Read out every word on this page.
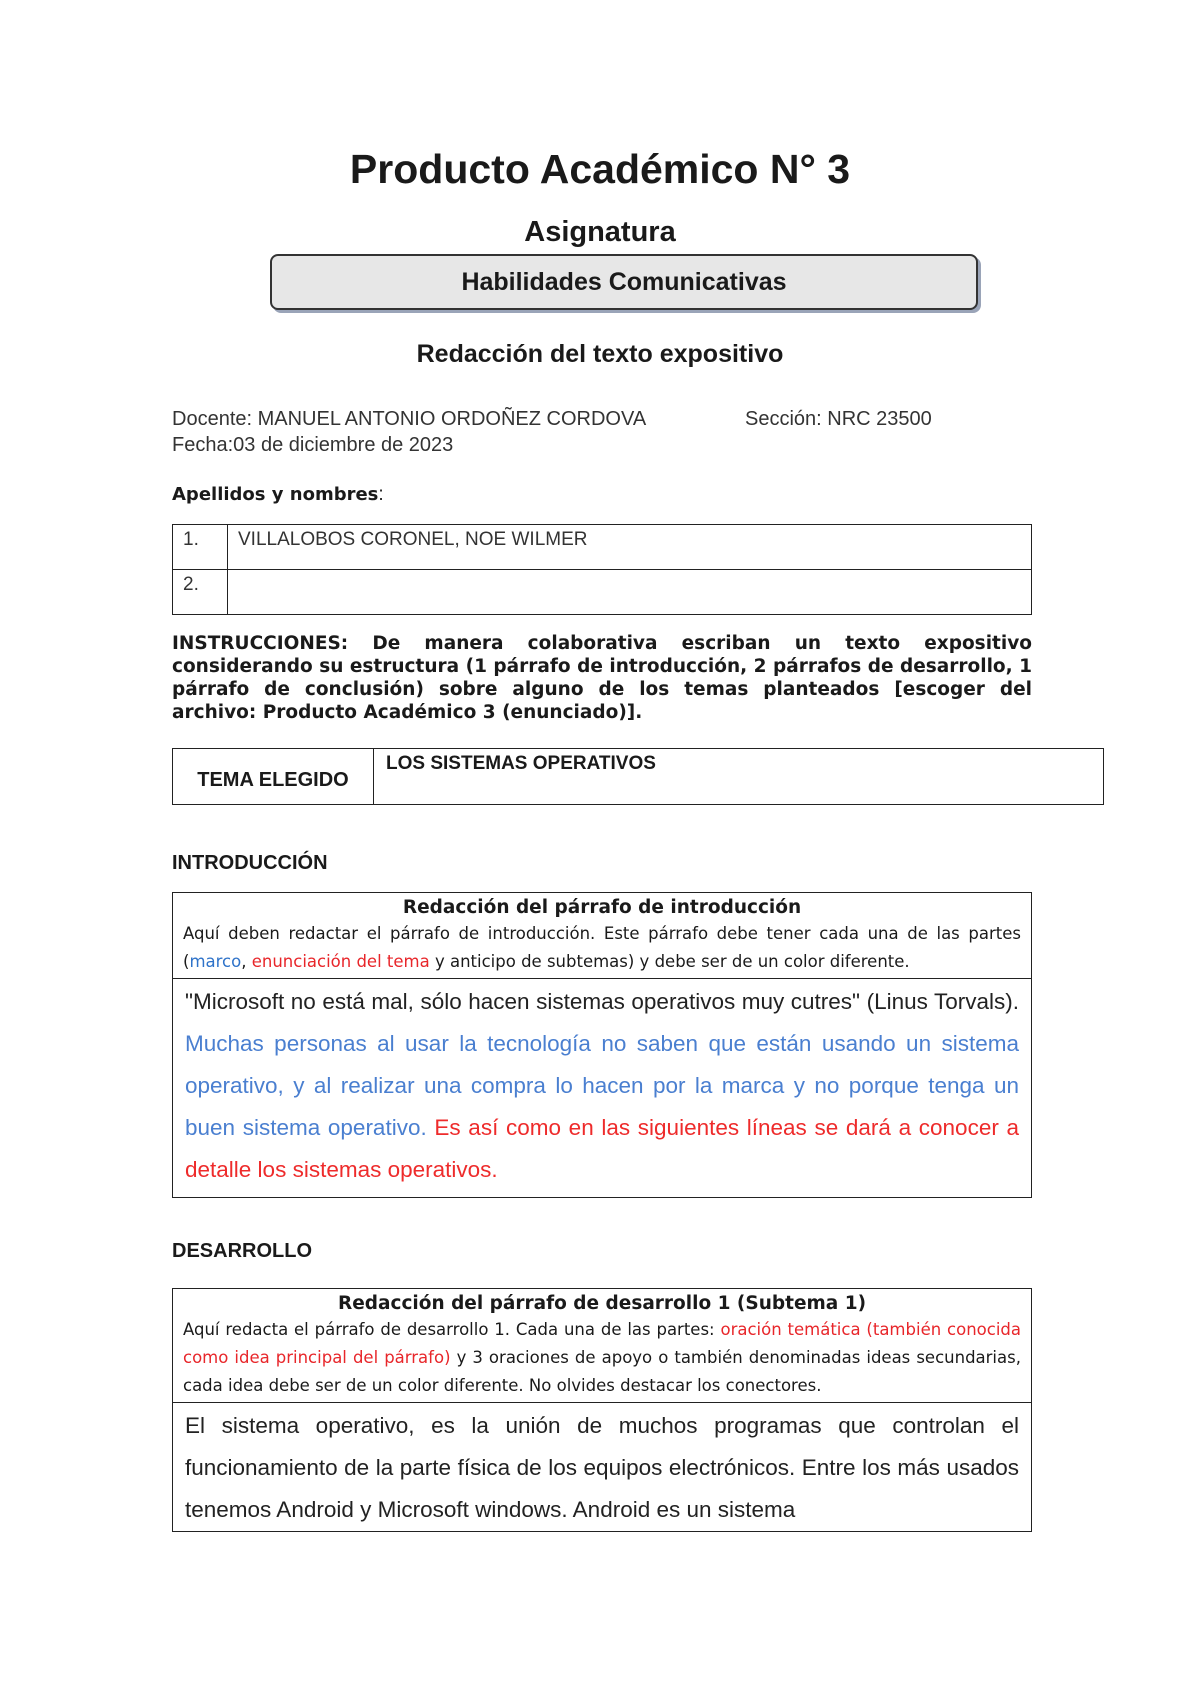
Producto Académico N° 3
Asignatura
Habilidades Comunicativas
Redacción del texto expositivo
Docente: MANUEL ANTONIO ORDOÑEZ CORDOVA	Sección: NRC 23500
Fecha:03 de diciembre de 2023
Apellidos y nombres:
1.	VILLALOBOS CORONEL, NOE WILMER
2.	
INSTRUCCIONES: De manera colaborativa escriban un texto expositivo considerando su estructura (1 párrafo de introducción, 2 párrafos de desarrollo, 1 párrafo de conclusión) sobre alguno de los temas planteados [escoger del archivo: Producto Académico 3 (enunciado)].
TEMA ELEGIDO	LOS SISTEMAS OPERATIVOS
INTRODUCCIÓN
Redacción del párrafo de introducción
Aquí deben redactar el párrafo de introducción. Este párrafo debe tener cada una de las partes (marco, enunciación del tema y anticipo de subtemas) y debe ser de un color diferente.
"Microsoft no está mal, sólo hacen sistemas operativos muy cutres" (Linus Torvals). Muchas personas al usar la tecnología no saben que están usando un sistema operativo, y al realizar una compra lo hacen por la marca y no porque tenga un buen sistema operativo. Es así como en las siguientes líneas se dará a conocer a detalle los sistemas operativos.
DESARROLLO
Redacción del párrafo de desarrollo 1 (Subtema 1)
Aquí redacta el párrafo de desarrollo 1. Cada una de las partes: oración temática (también conocida como idea principal del párrafo) y 3 oraciones de apoyo o también denominadas ideas secundarias, cada idea debe ser de un color diferente. No olvides destacar los conectores.
El sistema operativo, es la unión de muchos programas que controlan el funcionamiento de la parte física de los equipos electrónicos. Entre los más usados tenemos Android y Microsoft windows. Android es un sistema
